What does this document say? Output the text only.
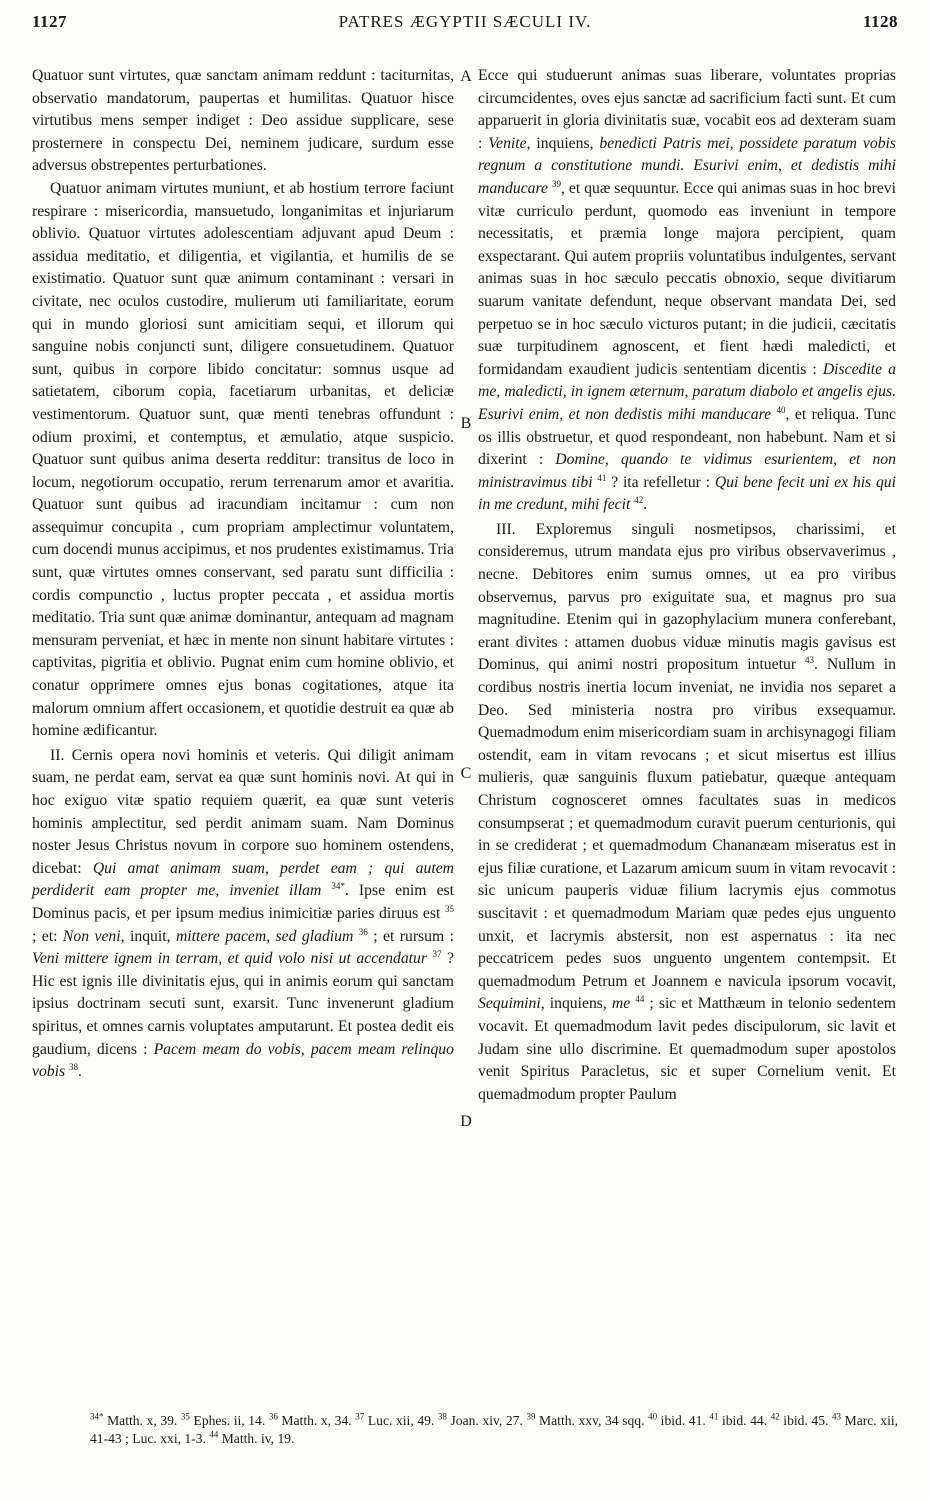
1127	PATRES ÆGYPTII SÆCULI IV.	1128

Quatuor sunt virtutes, quæ sanctam animam reddunt : taciturnitas, observatio mandatorum, paupertas et humilitas. Quatuor hisce virtutibus mens semper indiget : Deo assidue supplicare, sese prosternere in conspectu Dei, neminem judicare, surdum esse adversus obstrepentes perturbationes.

Quatuor animam virtutes muniunt, et ab hostium terrore faciunt respirare : misericordia, mansuetudo, longanimitas et injuriarum oblivio. Quatuor virtutes adolescentiam adjuvant apud Deum : assidua meditatio, et diligentia, et vigilantia, et humilis de se existimatio. Quatuor sunt quæ animum contaminant : versari in civitate, nec oculos custodire, mulierum uti familiaritate, eorum qui in mundo gloriosi sunt amicitiam sequi, et illorum qui sanguine nobis conjuncti sunt, diligere consuetudinem. Quatuor sunt, quibus in corpore libido concitatur: somnus usque ad satietatem, ciborum copia, facetiarum urbanitas, et deliciæ vestimentorum. Quatuor sunt, quæ menti tenebras offundunt : odium proximi, et contemptus, et æmulatio, atque suspicio. Quatuor sunt quibus anima deserta redditur: transitus de loco in locum, negotiorum occupatio, rerum terrenarum amor et avaritia. Quatuor sunt quibus ad iracundiam incitamur : cum non assequimur concupita , cum propriam amplectimur voluntatem, cum docendi munus accipimus, et nos prudentes existimamus. Tria sunt, quæ virtutes omnes conservant, sed paratu sunt difficilia : cordis compunctio , luctus propter peccata , et assidua mortis meditatio. Tria sunt quæ animæ dominantur, antequam ad magnam mensuram perveniat, et hæc in mente non sinunt habitare virtutes : captivitas, pigritia et oblivio. Pugnat enim cum homine oblivio, et conatur opprimere omnes ejus bonas cogitationes, atque ita malorum omnium affert occasionem, et quotidie destruit ea quæ ab homine ædificantur.

II. Cernis opera novi hominis et veteris. Qui diligit animam suam, ne perdat eam, servat ea quæ sunt hominis novi. At qui in hoc exiguo vitæ spatio requiem quærit, ea quæ sunt veteris hominis amplectitur, sed perdit animam suam. Nam Dominus noster Jesus Christus novum in corpore suo hominem ostendens, dicebat: Qui amat animam suam, perdet eam ; qui autem perdiderit eam propter me, inveniet illam $^{34*}$. Ipse enim est Dominus pacis, et per ipsum medius inimicitiæ paries diruus est $^{35}$ ; et: Non veni, inquit, mittere pacem, sed gladium $^{36}$ ; et rursum : Veni mittere ignem in terram, et quid volo nisi ut accendatur $^{37}$ ? Hic est ignis ille divinitatis ejus, qui in animis eorum qui sanctam ipsius doctrinam secuti sunt, exarsit. Tunc invenerunt gladium spiritus, et omnes carnis voluptates amputarunt. Et postea dedit eis gaudium, dicens : Pacem meam do vobis, pacem meam relinquo vobis $^{38}$.

A
B
C
D

Ecce qui studuerunt animas suas liberare, voluntates proprias circumcidentes, oves ejus sanctæ ad sacrificium facti sunt. Et cum apparuerit in gloria divinitatis suæ, vocabit eos ad dexteram suam : Venite, inquiens, benedicti Patris mei, possidete paratum vobis regnum a constitutione mundi. Esurivi enim, et dedistis mihi manducare $^{39}$, et quæ sequuntur. Ecce qui animas suas in hoc brevi vitæ curriculo perdunt, quomodo eas inveniunt in tempore necessitatis, et præmia longe majora percipient, quam exspectarant. Qui autem propriis voluntatibus indulgentes, servant animas suas in hoc sæculo peccatis obnoxio, seque divitiarum suarum vanitate defendunt, neque observant mandata Dei, sed perpetuo se in hoc sæculo victuros putant; in die judicii, cæcitatis suæ turpitudinem agnoscent, et fient hædi maledicti, et formidandam exaudient judicis sententiam dicentis : Discedite a me, maledicti, in ignem æternum, paratum diabolo et angelis ejus. Esurivi enim, et non dedistis mihi manducare $^{40}$, et reliqua. Tunc os illis obstruetur, et quod respondeant, non habebunt. Nam et si dixerint : Domine, quando te vidimus esurientem, et non ministravimus tibi $^{41}$ ? ita refelletur : Qui bene fecit uni ex his qui in me credunt, mihi fecit $^{42}$.

III. Exploremus singuli nosmetipsos, charissimi, et consideremus, utrum mandata ejus pro viribus observaverimus , necne. Debitores enim sumus omnes, ut ea pro viribus observemus, parvus pro exiguitate sua, et magnus pro sua magnitudine. Etenim qui in gazophylacium munera conferebant, erant divites : attamen duobus viduæ minutis magis gavisus est Dominus, qui animi nostri propositum intuetur $^{43}$. Nullum in cordibus nostris inertia locum inveniat, ne invidia nos separet a Deo. Sed ministeria nostra pro viribus exsequamur. Quemadmodum enim misericordiam suam in archisynagogi filiam ostendit, eam in vitam revocans ; et sicut misertus est illius mulieris, quæ sanguinis fluxum patiebatur, quæque antequam Christum cognosceret omnes facultates suas in medicos consumpserat ; et quemadmodum curavit puerum centurionis, qui in se crediderat ; et quemadmodum Chananæam miseratus est in ejus filiæ curatione, et Lazarum amicum suum in vitam revocavit : sic unicum pauperis viduæ filium lacrymis ejus commotus suscitavit : et quemadmodum Mariam quæ pedes ejus unguento unxit, et lacrymis abstersit, non est aspernatus : ita nec peccatricem pedes suos unguento ungentem contempsit. Et quemadmodum Petrum et Joannem e navicula ipsorum vocavit, Sequimini, inquiens, me $^{44}$ ; sic et Matthæum in telonio sedentem vocavit. Et quemadmodum lavit pedes discipulorum, sic lavit et Judam sine ullo discrimine. Et quemadmodum super apostolos venit Spiritus Paracletus, sic et super Cornelium venit. Et quemadmodum propter Paulum

$^{34*}$ Matth. x, 39. $^{35}$ Ephes. ii, 14. $^{36}$ Matth. x, 34. $^{37}$ Luc. xii, 49. $^{38}$ Joan. xiv, 27. $^{39}$ Matth. xxv, 34 sqq. $^{40}$ ibid. 41. $^{41}$ ibid. 44. $^{42}$ ibid. 45. $^{43}$ Marc. xii, 41-43 ; Luc. xxi, 1-3. $^{44}$ Matth. iv, 19.
